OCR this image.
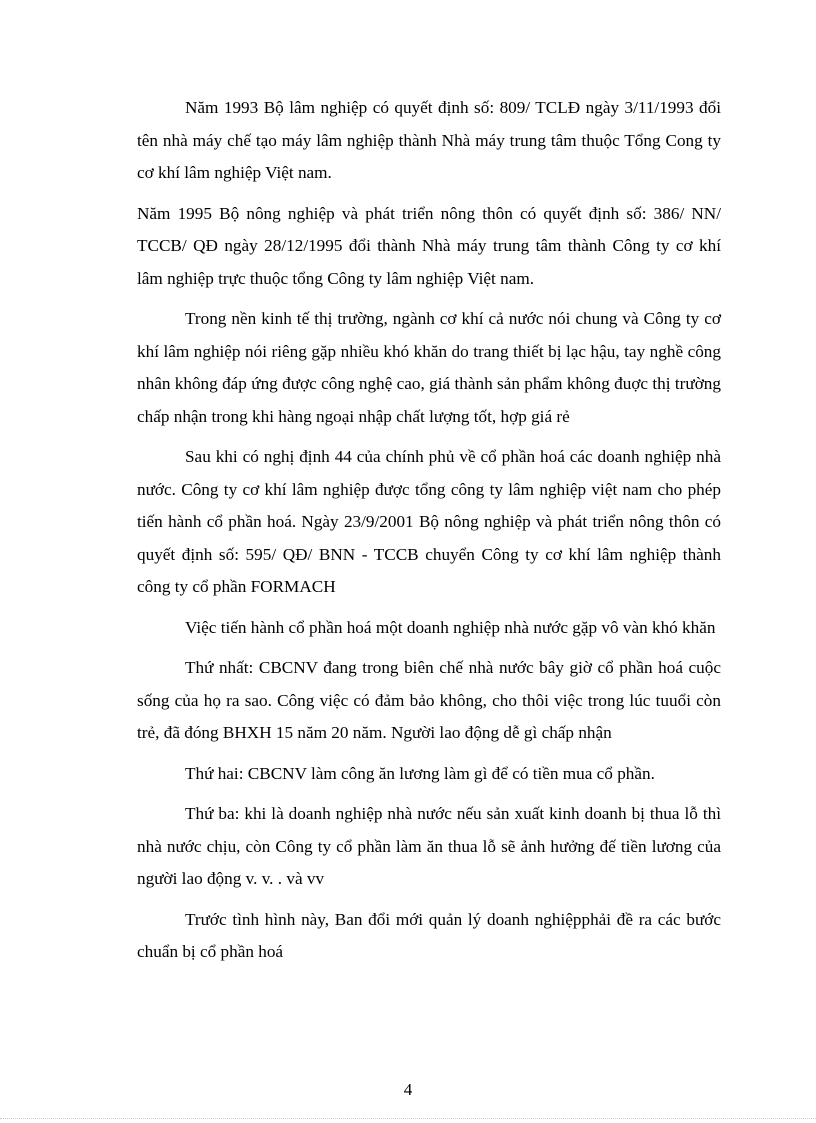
Năm 1993 Bộ lâm nghiệp có quyết định số: 809/ TCLĐ ngày 3/11/1993 đổi tên nhà máy chế tạo máy lâm nghiệp thành Nhà máy trung tâm thuộc Tổng Cong ty cơ khí lâm nghiệp Việt nam.

Năm 1995 Bộ nông nghiệp và phát triển nông thôn có quyết định số: 386/ NN/ TCCB/ QĐ ngày 28/12/1995 đổi thành Nhà máy trung tâm thành Công ty cơ khí lâm nghiệp trực thuộc tổng Công ty lâm nghiệp Việt nam.

Trong nền kinh tế thị trường, ngành cơ khí cả nước nói chung và Công ty cơ khí lâm nghiệp nói riêng gặp nhiều khó khăn do trang thiết bị lạc hậu, tay nghề công nhân không đáp ứng được công nghệ cao, giá thành sản phẩm không đuợc thị trường chấp nhận trong khi hàng ngoại nhập chất lượng tốt, hợp giá rẻ

Sau khi có nghị định 44 của chính phủ về cổ phần hoá các doanh nghiệp nhà nước. Công ty cơ khí lâm nghiệp được tổng công ty lâm nghiệp việt nam cho phép tiến hành cổ phần hoá. Ngày 23/9/2001 Bộ nông nghiệp và phát triển nông thôn có quyết định số: 595/ QĐ/ BNN - TCCB chuyển Công ty cơ khí lâm nghiệp thành công ty cổ phần FORMACH

Việc tiến hành cổ phần hoá một doanh nghiệp nhà nước gặp vô vàn khó khăn

Thứ nhất: CBCNV đang trong biên chế nhà nước bây giờ cổ phần hoá cuộc sống của họ ra sao. Công việc có đảm bảo không, cho thôi việc trong lúc tuuổi còn trẻ, đã đóng BHXH 15 năm 20 năm. Người lao động dễ gì chấp nhận

Thứ hai: CBCNV làm công ăn lương làm gì để có tiền mua cổ phần.

Thứ ba: khi là doanh nghiệp nhà nước nếu sản xuất kinh doanh bị thua lỗ thì nhà nước chịu, còn Công ty cổ phần làm ăn thua lỗ sẽ ảnh hưởng đế tiền lương của người lao động v. v. . và vv

Trước tình hình này, Ban đổi mới quản lý doanh nghiệpphải đề ra các bước chuẩn bị cổ phần hoá

4
